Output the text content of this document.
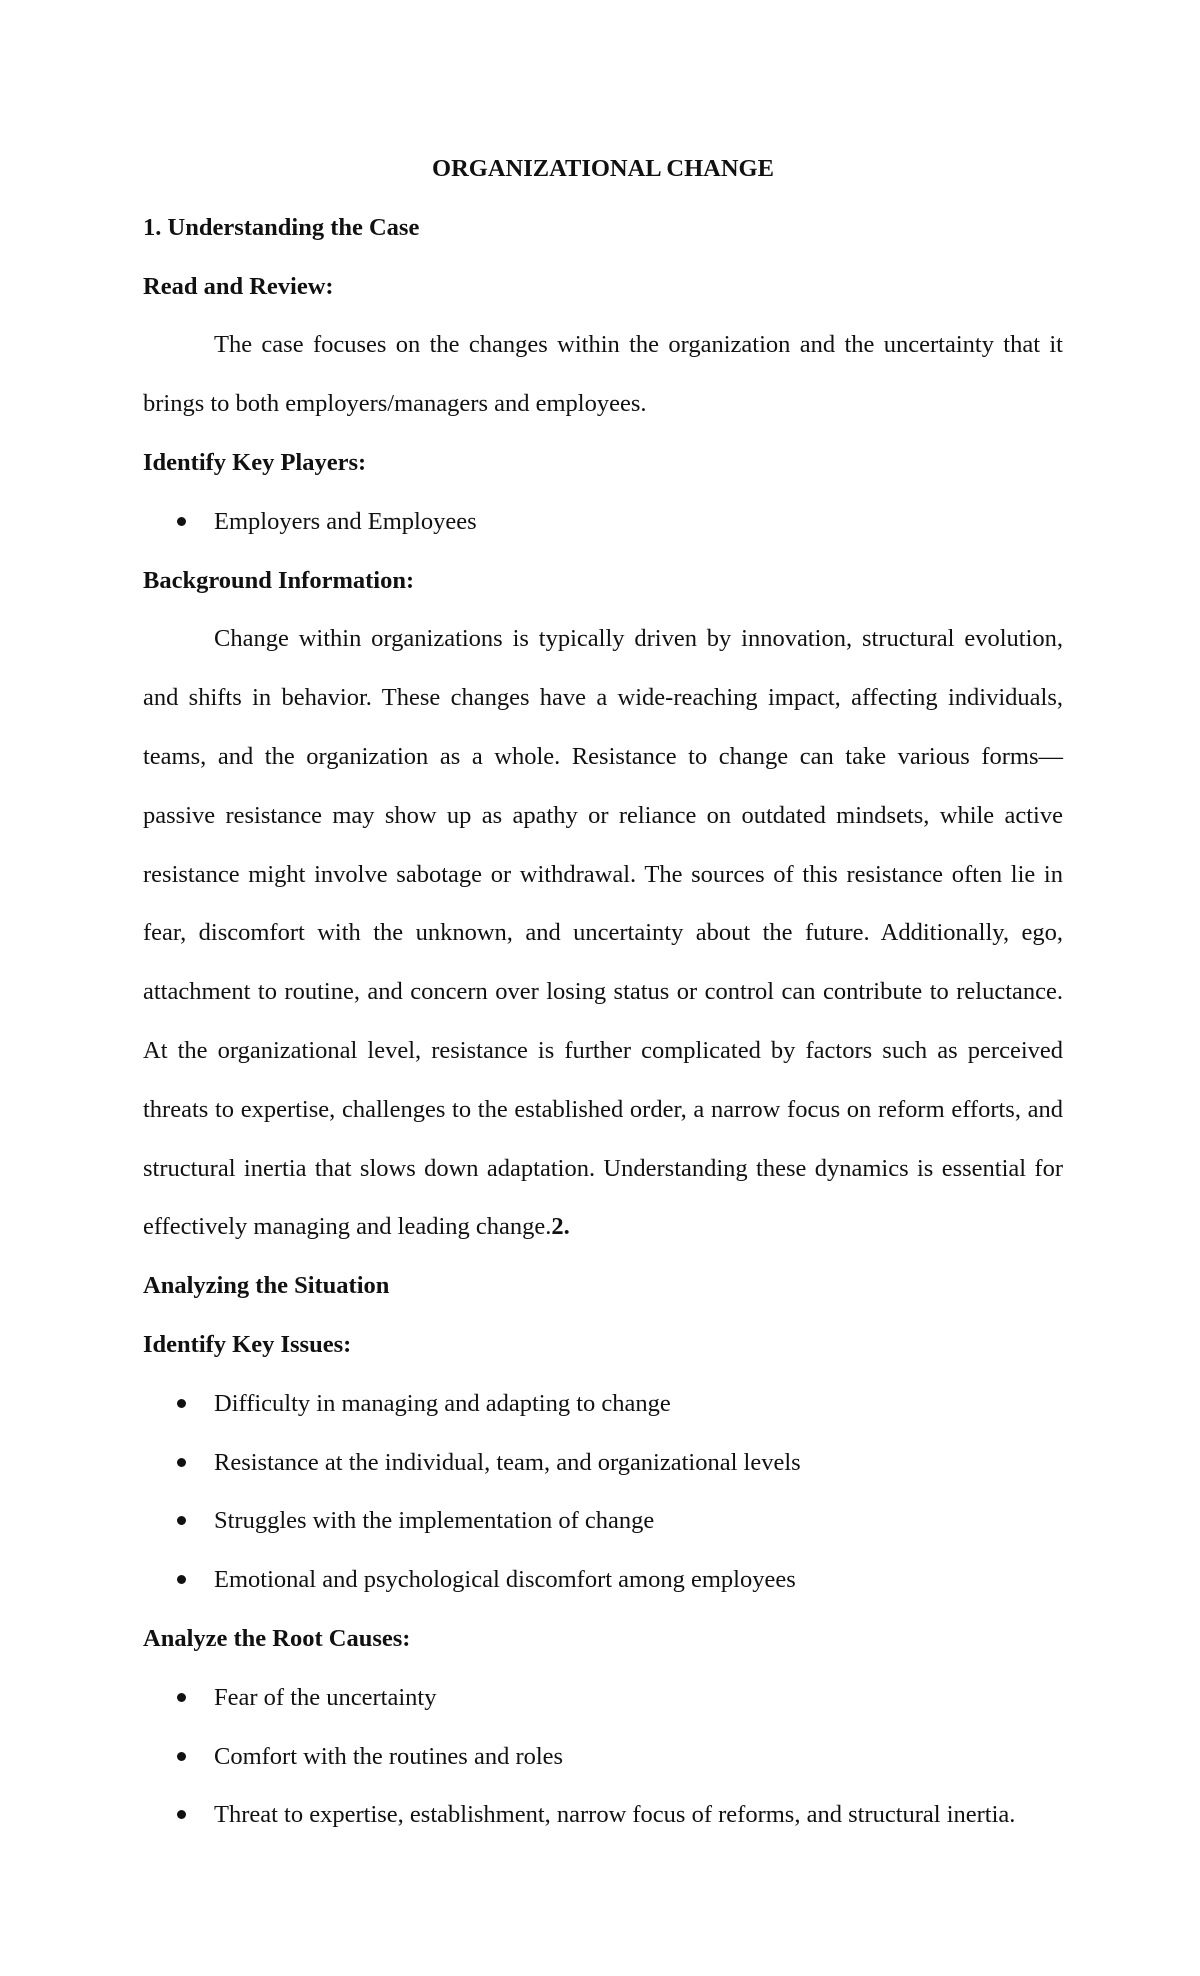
ORGANIZATIONAL CHANGE

1. Understanding the Case

Read and Review:

The case focuses on the changes within the organization and the uncertainty that it brings to both employers/managers and employees.

Identify Key Players:

Employers and Employees

Background Information:

Change within organizations is typically driven by innovation, structural evolution, and shifts in behavior. These changes have a wide-reaching impact, affecting individuals, teams, and the organization as a whole. Resistance to change can take various forms—passive resistance may show up as apathy or reliance on outdated mindsets, while active resistance might involve sabotage or withdrawal. The sources of this resistance often lie in fear, discomfort with the unknown, and uncertainty about the future. Additionally, ego, attachment to routine, and concern over losing status or control can contribute to reluctance. At the organizational level, resistance is further complicated by factors such as perceived threats to expertise, challenges to the established order, a narrow focus on reform efforts, and structural inertia that slows down adaptation. Understanding these dynamics is essential for effectively managing and leading change.2.

Analyzing the Situation

Identify Key Issues:

Difficulty in managing and adapting to change
Resistance at the individual, team, and organizational levels
Struggles with the implementation of change
Emotional and psychological discomfort among employees

Analyze the Root Causes:

Fear of the uncertainty
Comfort with the routines and roles
Threat to expertise, establishment, narrow focus of reforms, and structural inertia.
